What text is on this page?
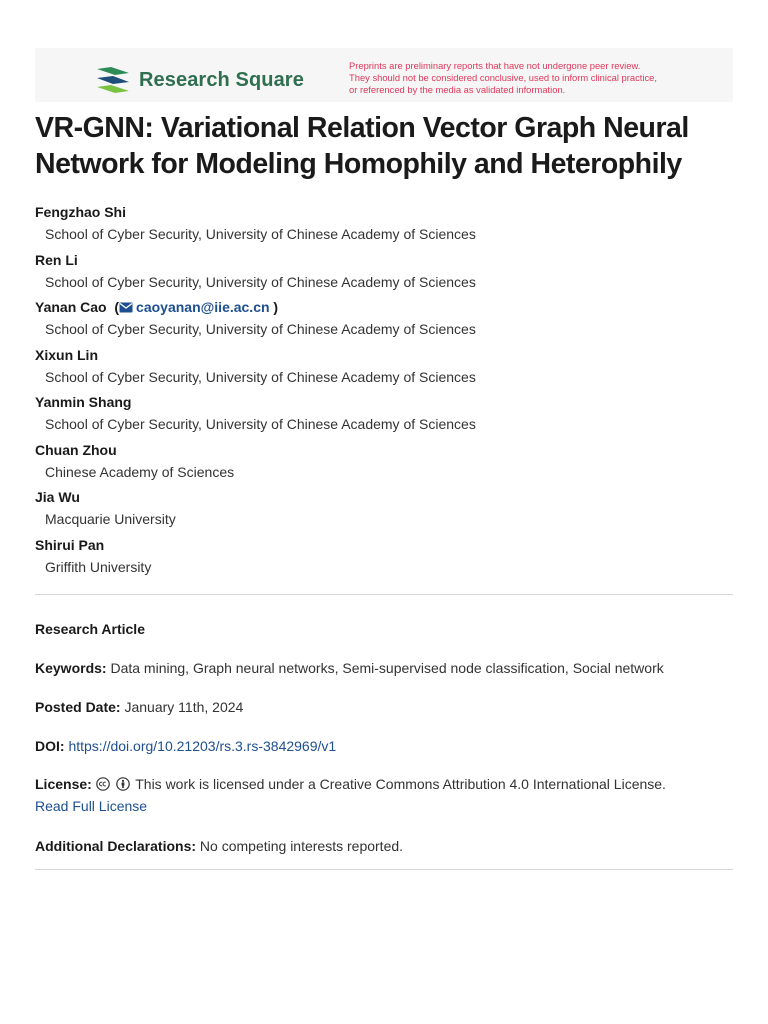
Research Square
Preprints are preliminary reports that have not undergone peer review.
They should not be considered conclusive, used to inform clinical practice,
or referenced by the media as validated information.
VR-GNN: Variational Relation Vector Graph Neural
Network for Modeling Homophily and Heterophily
Fengzhao Shi
School of Cyber Security, University of Chinese Academy of Sciences
Ren Li
School of Cyber Security, University of Chinese Academy of Sciences
Yanan Cao  ( caoyanan@iie.ac.cn )
School of Cyber Security, University of Chinese Academy of Sciences
Xixun Lin
School of Cyber Security, University of Chinese Academy of Sciences
Yanmin Shang
School of Cyber Security, University of Chinese Academy of Sciences
Chuan Zhou
Chinese Academy of Sciences
Jia Wu
Macquarie University
Shirui Pan
Griffith University
Research Article
Keywords: Data mining, Graph neural networks, Semi-supervised node classification, Social network
Posted Date: January 11th, 2024
DOI: https://doi.org/10.21203/rs.3.rs-3842969/v1
License:	This work is licensed under a Creative Commons Attribution 4.0 International License.
Read Full License
Additional Declarations: No competing interests reported.
